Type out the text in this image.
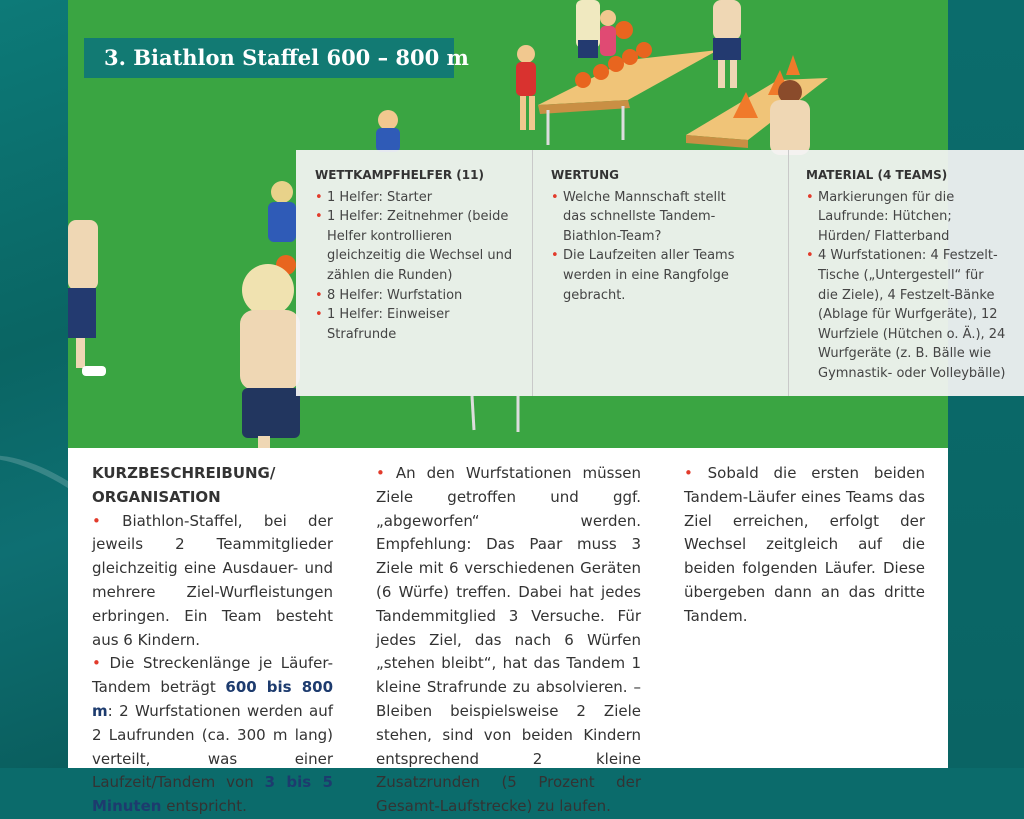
3. Biathlon Staffel 600 – 800 m

KURZBESCHREIBUNG/ ORGANISATION

• Biathlon-Staffel, bei der jeweils 2 Teammitglieder gleichzeitig eine Ausdauer- und mehrere Ziel-Wurfleistungen erbringen. Ein Team besteht aus 6 Kindern.

• Die Streckenlänge je Läufer-Tandem beträgt 600 bis 800 m: 2 Wurfstationen werden auf 2 Laufrunden (ca. 300 m lang) verteilt, was einer Laufzeit/Tandem von 3 bis 5 Minuten entspricht.

• An den Wurfstationen müssen Ziele getroffen und ggf. „abgeworfen“ werden. Empfehlung: Das Paar muss 3 Ziele mit 6 verschiedenen Geräten (6 Würfe) treffen. Dabei hat jedes Tandemmitglied 3 Versuche. Für jedes Ziel, das nach 6 Würfen „stehen bleibt“, hat das Tandem 1 kleine Strafrunde zu absolvieren. – Bleiben beispielsweise 2 Ziele stehen, sind von beiden Kindern entsprechend 2 kleine Zusatzrunden (5 Prozent der Gesamt-Laufstrecke) zu laufen.

• Sobald die ersten beiden Tandem-Läufer eines Teams das Ziel erreichen, erfolgt der Wechsel zeitgleich auf die beiden folgenden Läufer. Diese übergeben dann an das dritte Tandem.

WETTKAMPFHELFER (11)
• 1 Helfer: Starter
• 1 Helfer: Zeitnehmer (beide Helfer kontrollieren gleichzeitig die Wechsel und zählen die Runden)
• 8 Helfer: Wurfstation
• 1 Helfer: Einweiser Strafrunde
WERTUNG
• Welche Mannschaft stellt das schnellste Tandem-Biathlon-Team?
• Die Laufzeiten aller Teams werden in eine Rangfolge gebracht.
MATERIAL (4 TEAMS)
• Markierungen für die Laufrunde: Hütchen; Hürden/ Flatterband
• 4 Wurfstationen: 4 Festzelt-Tische („Untergestell“ für die Ziele), 4 Festzelt-Bänke (Ablage für Wurfgeräte), 12 Wurfziele (Hütchen o. Ä.), 24 Wurfgeräte (z. B. Bälle wie Gymnastik- oder Volleybälle)
